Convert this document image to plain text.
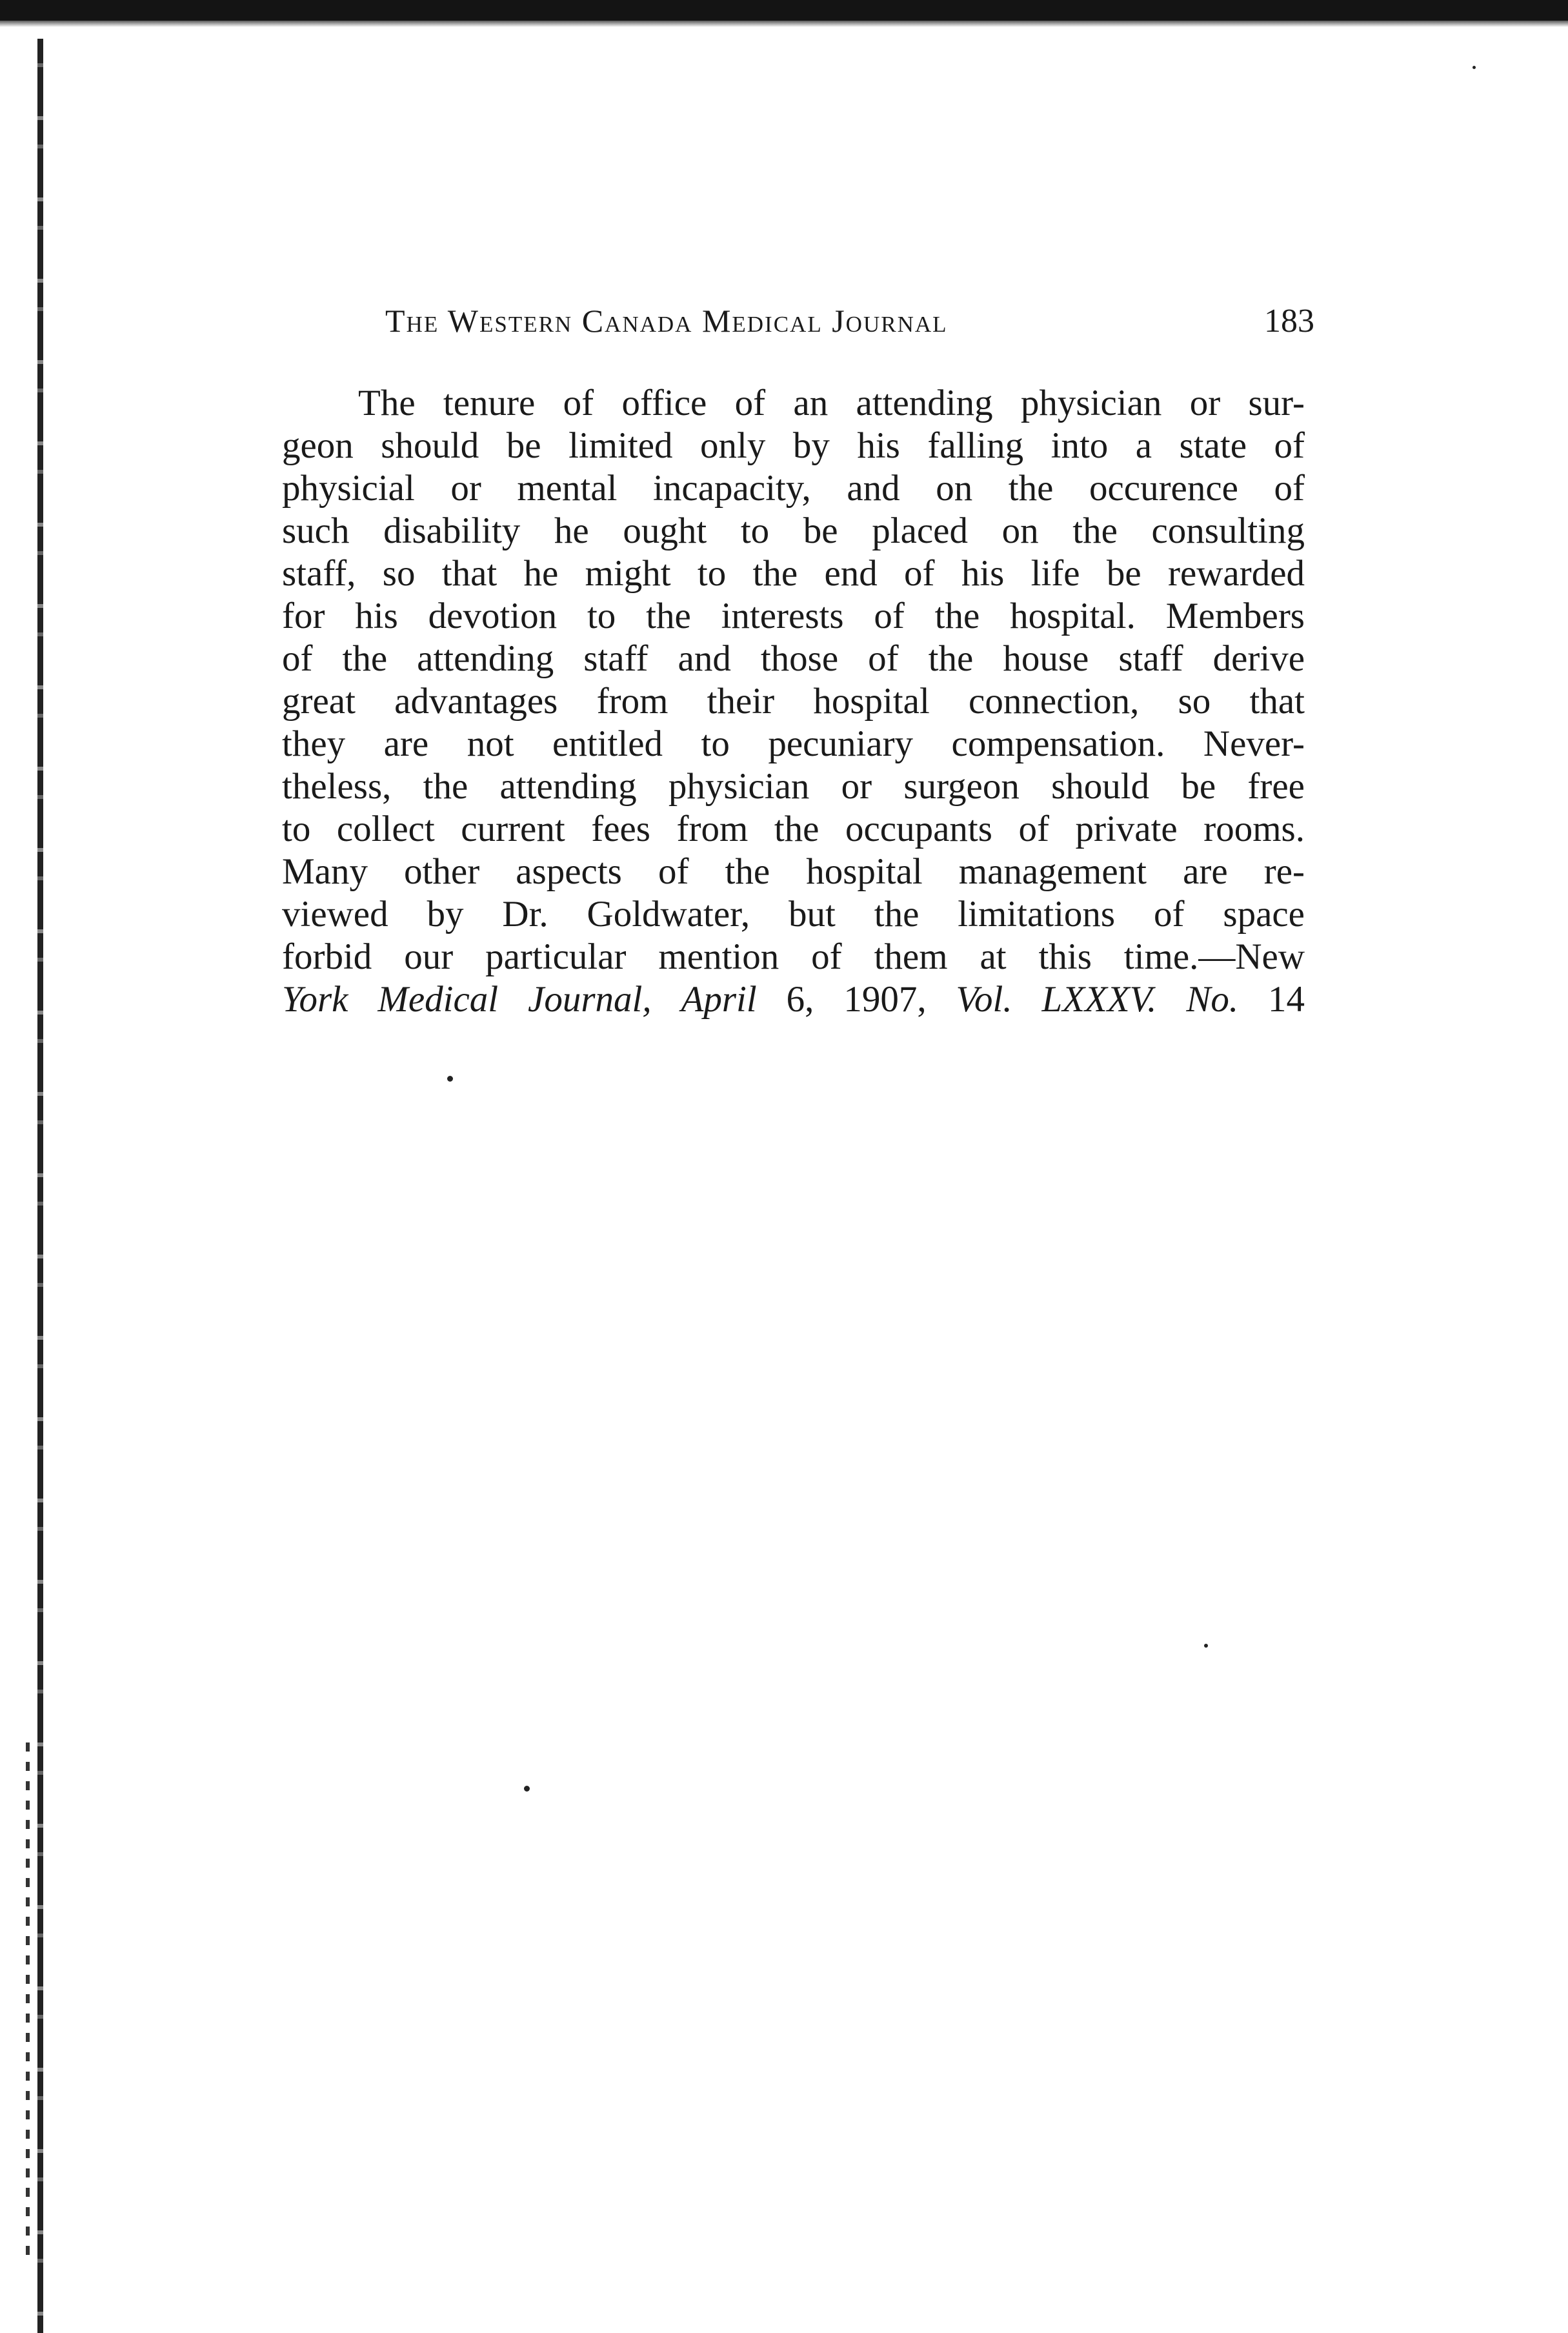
The Western Canada Medical Journal	183
The tenure of office of an attending physician or sur-
geon should be limited only by his falling into a state of
physicial or mental incapacity, and on the occurence of
such disability he ought to be placed on the consulting
staff, so that he might to the end of his life be rewarded
for his devotion to the interests of the hospital. Members
of the attending staff and those of the house staff derive
great advantages from their hospital connection, so that
they are not entitled to pecuniary compensation. Never-
theless, the attending physician or surgeon should be free
to collect current fees from the occupants of private rooms.
Many other aspects of the hospital management are re-
viewed by Dr. Goldwater, but the limitations of space
forbid our particular mention of them at this time.—New
York Medical Journal, April 6, 1907, Vol. LXXXV. No. 14
